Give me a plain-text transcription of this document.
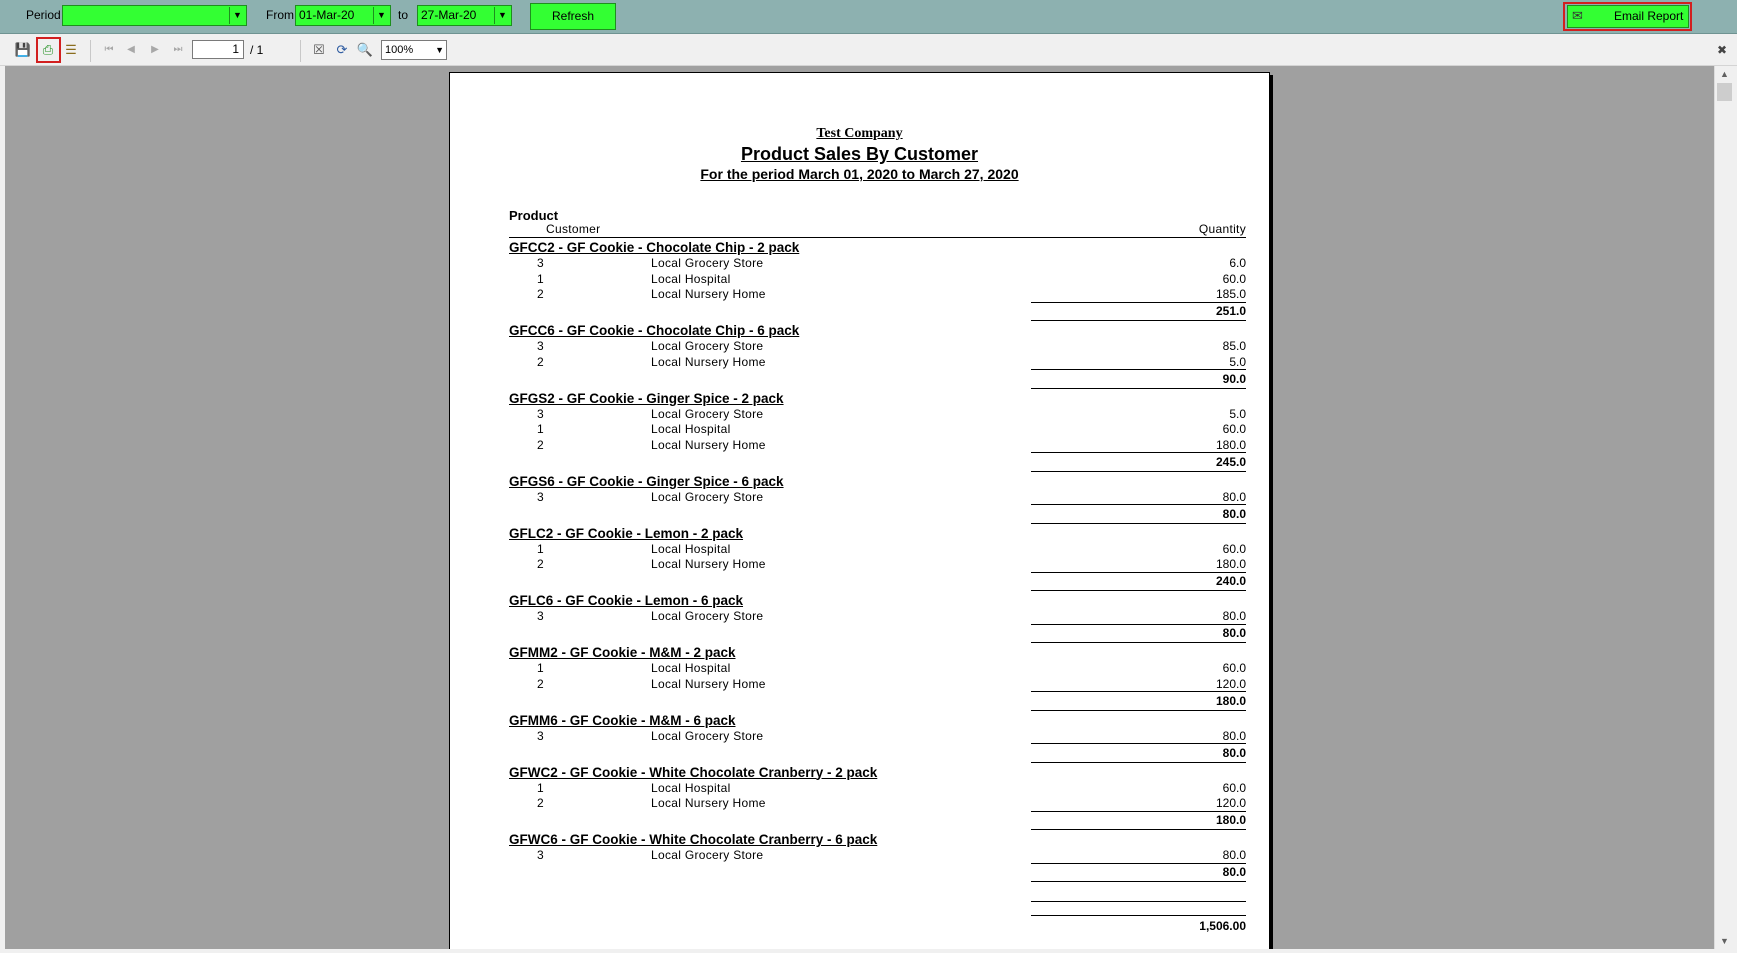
Period	▼ From 01-Mar-20	▼ to	27-Mar-20	▼	Refresh	✉	Email Report
💾 ⎙ ☰	⏮	◀	▶	⏭	1 / 1	☒ ⟳ 🔍	100% ▼	✖
Test Company
Product Sales By Customer
For the period March 01, 2020 to March 27, 2020
Product
Customer	Quantity
GFCC2 - GF Cookie - Chocolate Chip - 2 pack
3	Local Grocery Store	6.0
1	Local Hospital	60.0
2	Local Nursery Home	185.0
251.0
GFCC6 - GF Cookie - Chocolate Chip - 6 pack
3	Local Grocery Store	85.0
2	Local Nursery Home	5.0
90.0
GFGS2 - GF Cookie - Ginger Spice - 2 pack
3	Local Grocery Store	5.0
1	Local Hospital	60.0
2	Local Nursery Home	180.0
245.0
GFGS6 - GF Cookie - Ginger Spice - 6 pack
3	Local Grocery Store	80.0
80.0
GFLC2 - GF Cookie - Lemon - 2 pack
1	Local Hospital	60.0
2	Local Nursery Home	180.0
240.0
GFLC6 - GF Cookie - Lemon - 6 pack
3	Local Grocery Store	80.0
80.0
GFMM2 - GF Cookie - M&M - 2 pack
1	Local Hospital	60.0
2	Local Nursery Home	120.0
180.0
GFMM6 - GF Cookie - M&M - 6 pack
3	Local Grocery Store	80.0
80.0
GFWC2 - GF Cookie - White Chocolate Cranberry - 2 pack
1	Local Hospital	60.0
2	Local Nursery Home	120.0
180.0
GFWC6 - GF Cookie - White Chocolate Cranberry - 6 pack
3	Local Grocery Store	80.0
80.0
1,506.00
▲
▼
